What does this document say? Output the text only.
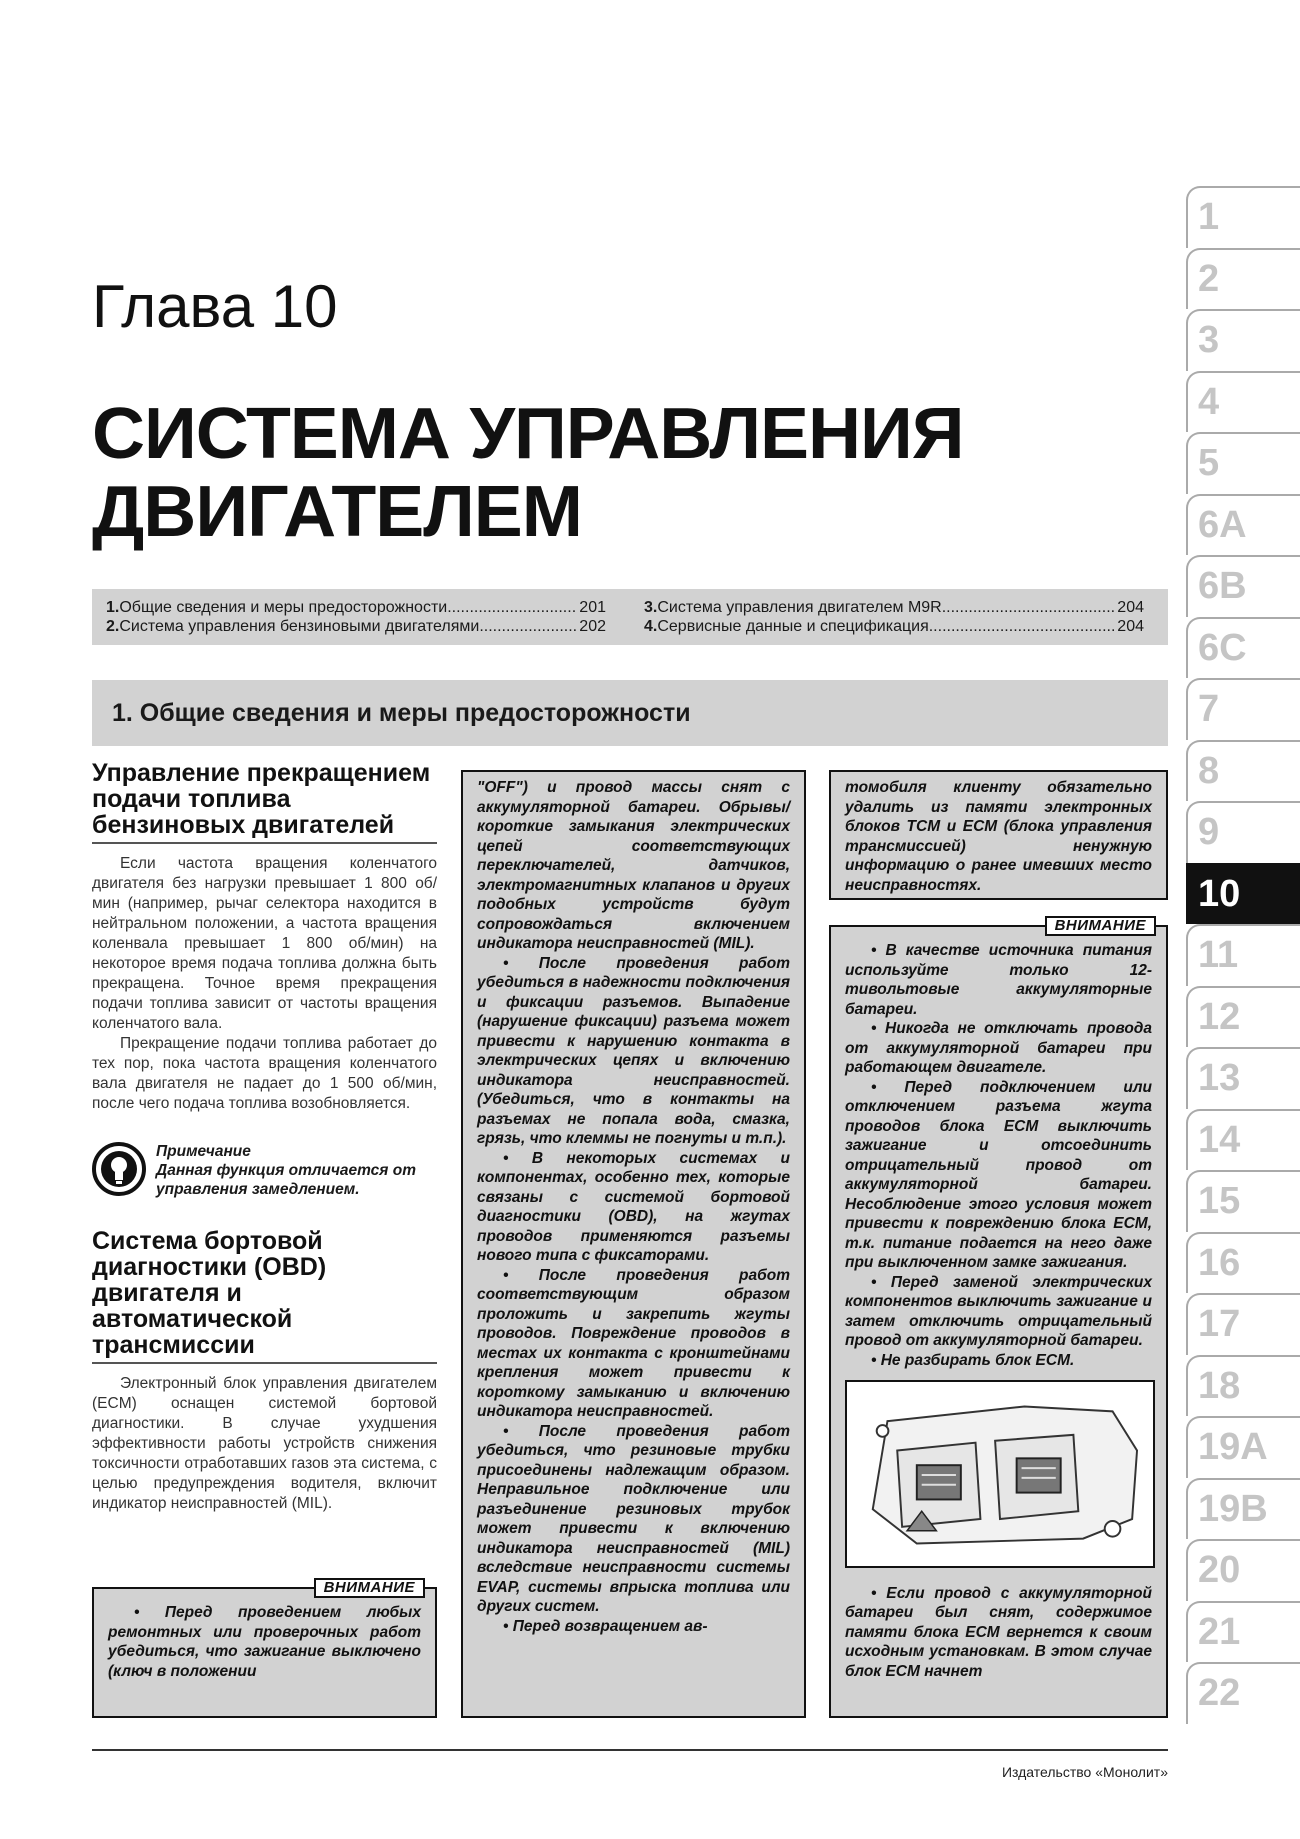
Глава 10
СИСТЕМА УПРАВЛЕНИЯ
ДВИГАТЕЛЕМ
1. Общие сведения и меры предосторожности .....	201
2. Система управления бензиновыми двигателями .....	202
3. Система управления двигателем M9R .....	204
4. Сервисные данные и спецификация .....	204
1. Общие сведения и меры предосторожности
1
2
3
4
5
6A
6B
6C
7
8
9
10
11
12
13
14
15
16
17
18
19A
19B
20
21
22
Управление прекращением подачи топлива бензиновых двигателей

Если частота вращения коленчатого двигателя без нагрузки превышает 1 800 об/мин (например, рычаг селектора находится в нейтральном положении, а частота вращения коленвала превышает 1 800 об/мин) на некоторое время подача топлива должна быть прекращена. Точное время прекращения подачи топлива зависит от частоты вращения коленчатого вала.

Прекращение подачи топлива работает до тех пор, пока частота вращения коленчатого вала двигателя не падает до 1 500 об/мин, после чего подача топлива возобновляется.

Примечание
Данная функция отличается от управления замедлением.
Система бортовой диагностики (OBD) двигателя и автоматической трансмиссии

Электронный блок управления двигателем (ECM) оснащен системой бортовой диагностики. В случае ухудшения эффективности работы устройств снижения токсичности отработавших газов эта система, с целью предупреждения водителя, включит индикатор неисправностей (MIL).

ВНИМАНИЕ

• Перед проведением любых ремонтных или проверочных работ убедиться, что зажигание выключено (ключ в положении

"OFF") и провод массы снят с аккумуляторной батареи. Обрывы/короткие замыкания электрических цепей соответствующих переключателей, датчиков, электромагнитных клапанов и других подобных устройств будут сопровождаться включением индикатора неисправностей (MIL).

• После проведения работ убедиться в надежности подключения и фиксации разъемов. Выпадение (нарушение фиксации) разъема может привести к нарушению контакта в электрических цепях и включению индикатора неисправностей. (Убедиться, что в контакты на разъемах не попала вода, смазка, грязь, что клеммы не погнуты и т.п.).

• В некоторых системах и компонентах, особенно тех, которые связаны с системой бортовой диагностики (OBD), на жгутах проводов применяются разъемы нового типа с фиксаторами.

• После проведения работ соответствующим образом проложить и закрепить жгуты проводов. Повреждение проводов в местах их контакта с кронштейнами крепления может привести к короткому замыканию и включению индикатора неисправностей.

• После проведения работ убедиться, что резиновые трубки присоединены надлежащим образом. Неправильное подключение или разъединение резиновых трубок может привести к включению индикатора неисправностей (MIL) вследствие неисправности системы EVAP, системы впрыска топлива или других систем.

• Перед возвращением ав-

томобиля клиенту обязательно удалить из памяти электронных блоков TCM и ECM (блока управления трансмиссией) ненужную информацию о ранее имевших место неисправностях.

ВНИМАНИЕ

• В качестве источника питания используйте только 12-тивольтовые аккумуляторные батареи.

• Никогда не отключать провода от аккумуляторной батареи при работающем двигателе.

• Перед подключением или отключением разъема жгута проводов блока ECM выключить зажигание и отсоединить отрицательный провод от аккумуляторной батареи. Несоблюдение этого условия может привести к повреждению блока ECM, т.к. питание подается на него даже при выключенном замке зажигания.

• Перед заменой электрических компонентов выключить зажигание и затем отключить отрицательный провод от аккумуляторной батареи.

• Не разбирать блок ECM.

• Если провод с аккумуляторной батареи был снят, содержимое памяти блока ECM вернется к своим исходным установкам. В этом случае блок ECM начнет

Издательство «Монолит»
